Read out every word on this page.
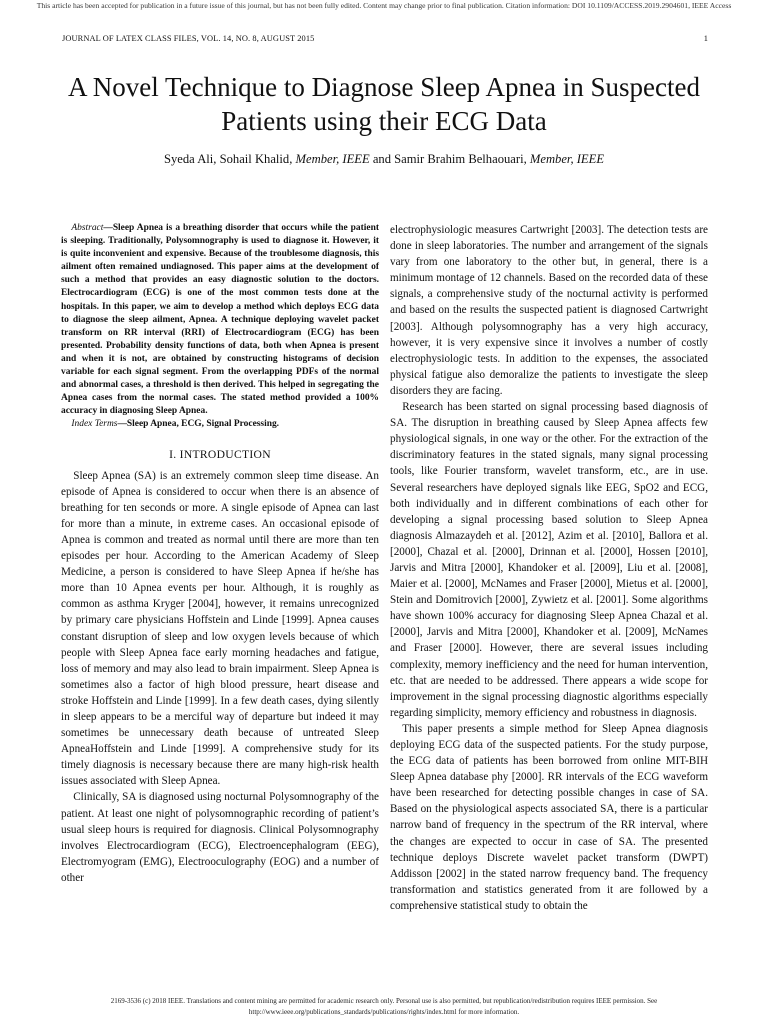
This article has been accepted for publication in a future issue of this journal, but has not been fully edited. Content may change prior to final publication. Citation information: DOI 10.1109/ACCESS.2019.2904601, IEEE Access
JOURNAL OF LATEX CLASS FILES, VOL. 14, NO. 8, AUGUST 2015	1
A Novel Technique to Diagnose Sleep Apnea in Suspected Patients using their ECG Data
Syeda Ali, Sohail Khalid, Member, IEEE and Samir Brahim Belhaouari, Member, IEEE

Abstract—Sleep Apnea is a breathing disorder that occurs while the patient is sleeping. Traditionally, Polysomnography is used to diagnose it. However, it is quite inconvenient and expensive. Because of the troublesome diagnosis, this ailment often remained undiagnosed. This paper aims at the development of such a method that provides an easy diagnostic solution to the doctors. Electrocardiogram (ECG) is one of the most common tests done at the hospitals. In this paper, we aim to develop a method which deploys ECG data to diagnose the sleep ailment, Apnea. A technique deploying wavelet packet transform on RR interval (RRI) of Electrocardiogram (ECG) has been presented. Probability density functions of data, both when Apnea is present and when it is not, are obtained by constructing histograms of decision variable for each signal segment. From the overlapping PDFs of the normal and abnormal cases, a threshold is then derived. This helped in segregating the Apnea cases from the normal cases. The stated method provided a 100% accuracy in diagnosing Sleep Apnea.

Index Terms—Sleep Apnea, ECG, Signal Processing.

I. INTRODUCTION

Sleep Apnea (SA) is an extremely common sleep time disease. An episode of Apnea is considered to occur when there is an absence of breathing for ten seconds or more. A single episode of Apnea can last for more than a minute, in extreme cases. An occasional episode of Apnea is common and treated as normal until there are more than ten episodes per hour. According to the American Academy of Sleep Medicine, a person is considered to have Sleep Apnea if he/she has more than 10 Apnea events per hour. Although, it is roughly as common as asthma Kryger [2004], however, it remains unrecognized by primary care physicians Hoffstein and Linde [1999]. Apnea causes constant disruption of sleep and low oxygen levels because of which people with Sleep Apnea face early morning headaches and fatigue, loss of memory and may also lead to brain impairment. Sleep Apnea is sometimes also a factor of high blood pressure, heart disease and stroke Hoffstein and Linde [1999]. In a few death cases, dying silently in sleep appears to be a merciful way of departure but indeed it may sometimes be unnecessary death because of untreated Sleep ApneaHoffstein and Linde [1999]. A comprehensive study for its timely diagnosis is necessary because there are many high-risk health issues associated with Sleep Apnea.

Clinically, SA is diagnosed using nocturnal Polysomnography of the patient. At least one night of polysomnographic recording of patient’s usual sleep hours is required for diagnosis. Clinical Polysomnography involves Electrocardiogram (ECG), Electroencephalogram (EEG), Electromyogram (EMG), Electrooculography (EOG) and a number of other

electrophysiologic measures Cartwright [2003]. The detection tests are done in sleep laboratories. The number and arrangement of the signals vary from one laboratory to the other but, in general, there is a minimum montage of 12 channels. Based on the recorded data of these signals, a comprehensive study of the nocturnal activity is performed and based on the results the suspected patient is diagnosed Cartwright [2003]. Although polysomnography has a very high accuracy, however, it is very expensive since it involves a number of costly electrophysiologic tests. In addition to the expenses, the associated physical fatigue also demoralize the patients to investigate the sleep disorders they are facing.

Research has been started on signal processing based diagnosis of SA. The disruption in breathing caused by Sleep Apnea affects few physiological signals, in one way or the other. For the extraction of the discriminatory features in the stated signals, many signal processing tools, like Fourier transform, wavelet transform, etc., are in use. Several researchers have deployed signals like EEG, SpO2 and ECG, both individually and in different combinations of each other for developing a signal processing based solution to Sleep Apnea diagnosis Almazaydeh et al. [2012], Azim et al. [2010], Ballora et al. [2000], Chazal et al. [2000], Drinnan et al. [2000], Hossen [2010], Jarvis and Mitra [2000], Khandoker et al. [2009], Liu et al. [2008], Maier et al. [2000], McNames and Fraser [2000], Mietus et al. [2000], Stein and Domitrovich [2000], Zywietz et al. [2001]. Some algorithms have shown 100% accuracy for diagnosing Sleep Apnea Chazal et al. [2000], Jarvis and Mitra [2000], Khandoker et al. [2009], McNames and Fraser [2000]. However, there are several issues including complexity, memory inefficiency and the need for human intervention, etc. that are needed to be addressed. There appears a wide scope for improvement in the signal processing diagnostic algorithms especially regarding simplicity, memory efficiency and robustness in diagnosis.

This paper presents a simple method for Sleep Apnea diagnosis deploying ECG data of the suspected patients. For the study purpose, the ECG data of patients has been borrowed from online MIT-BIH Sleep Apnea database phy [2000]. RR intervals of the ECG waveform have been researched for detecting possible changes in case of SA. Based on the physiological aspects associated SA, there is a particular narrow band of frequency in the spectrum of the RR interval, where the changes are expected to occur in case of SA. The presented technique deploys Discrete wavelet packet transform (DWPT) Addisson [2002] in the stated narrow frequency band. The frequency transformation and statistics generated from it are followed by a comprehensive statistical study to obtain the

2169-3536 (c) 2018 IEEE. Translations and content mining are permitted for academic research only. Personal use is also permitted, but republication/redistribution requires IEEE permission. See
http://www.ieee.org/publications_standards/publications/rights/index.html for more information.
